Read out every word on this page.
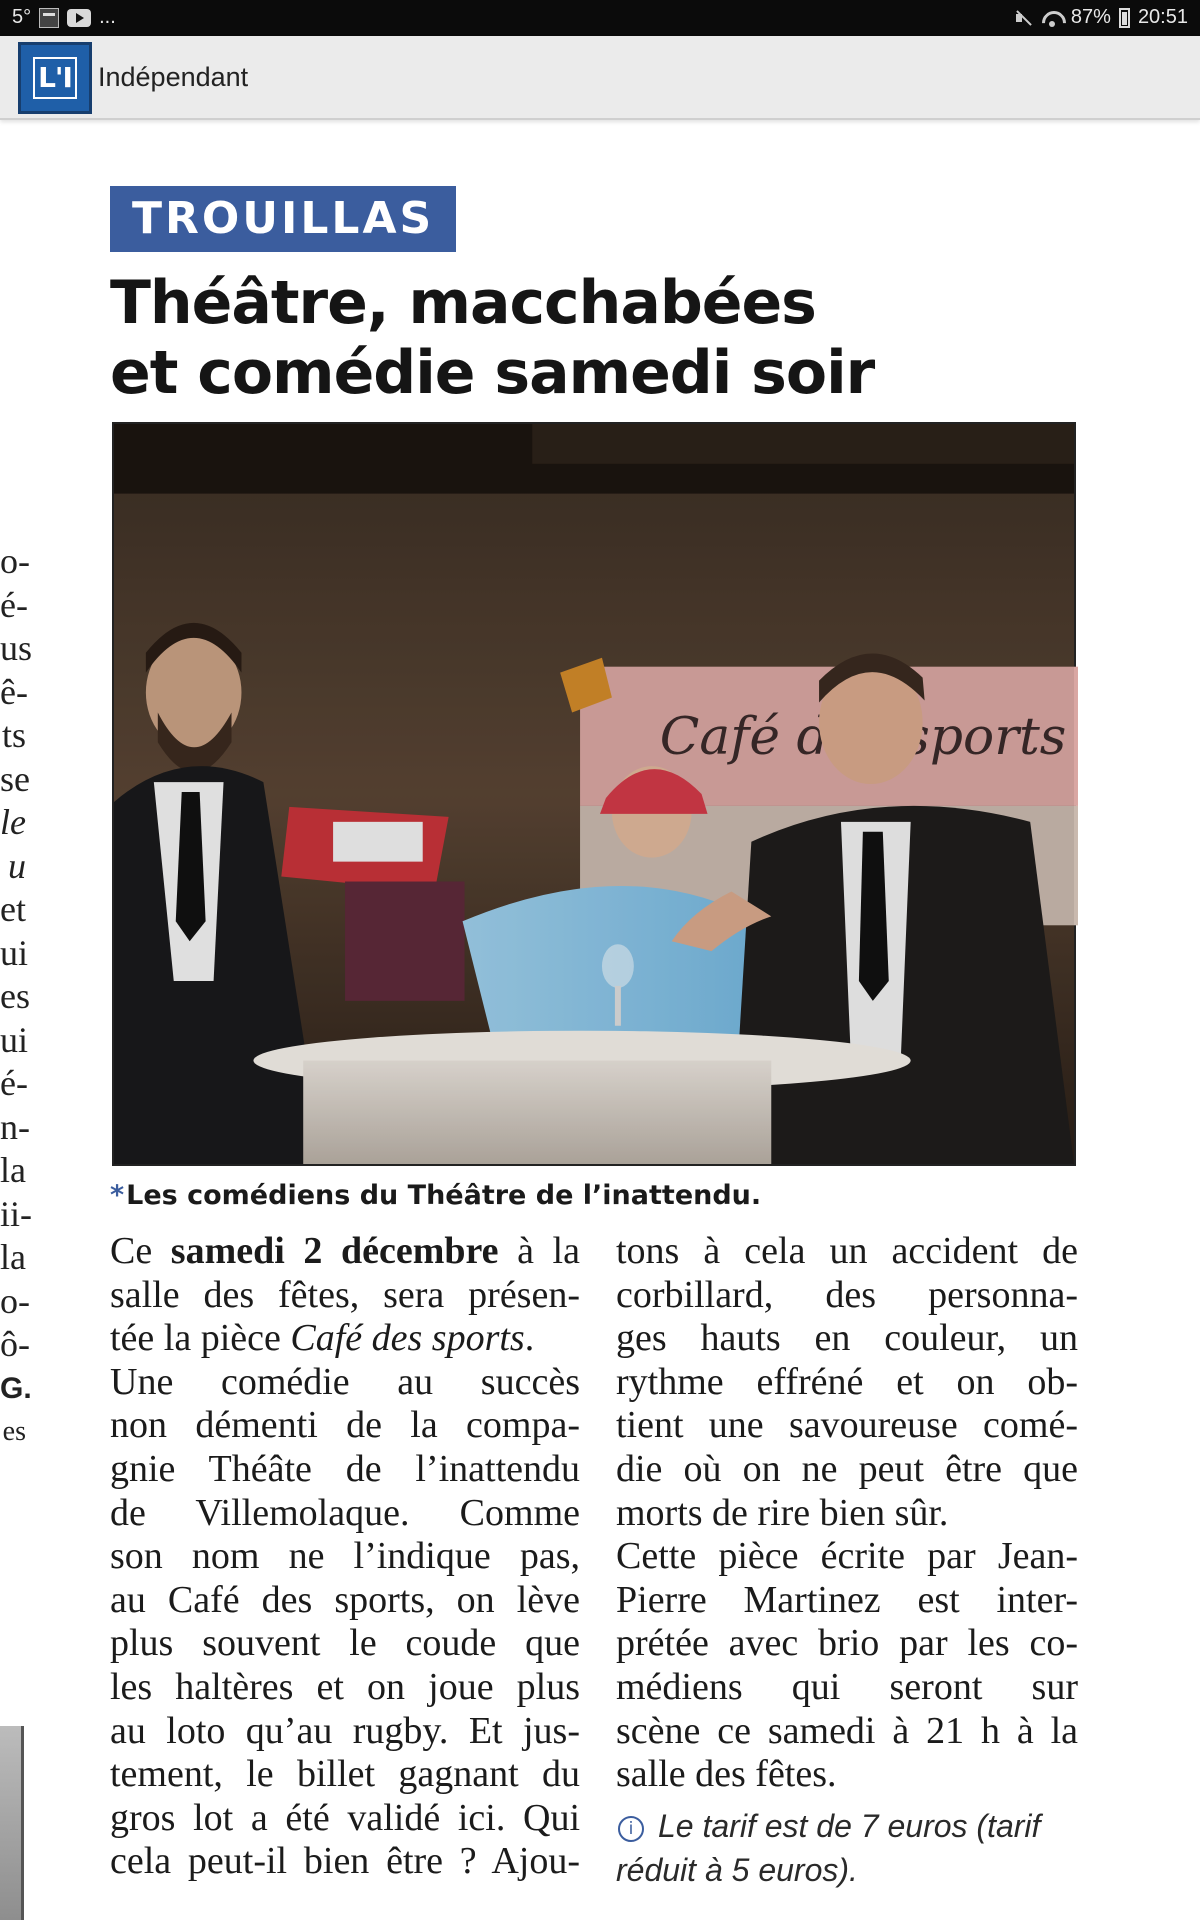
5°	...	87% 20:51
L'I Indépendant
o-
é-
us
ê-
ts
se
le
u
et
ui
es
ui
é-
n-
la
ii-
la
o-
ô-
G.
es
TROUILLAS
Théâtre, macchabées
et comédie samedi soir
*Les comédiens du Théâtre de l’inattendu.
Ce samedi 2 décembre à la
salle des fêtes, sera présen-
tée la pièce Café des sports.
Une comédie au succès
non démenti de la compa-
gnie Théâte de l’inattendu
de Villemolaque. Comme
son nom ne l’indique pas,
au Café des sports, on lève
plus souvent le coude que
les haltères et on joue plus
au loto qu’au rugby. Et jus-
tement, le billet gagnant du
gros lot a été validé ici. Qui
cela peut-il bien être ? Ajou-
tons à cela un accident de
corbillard, des personna-
ges hauts en couleur, un
rythme effréné et on ob-
tient une savoureuse comé-
die où on ne peut être que
morts de rire bien sûr.
Cette pièce écrite par Jean-
Pierre Martinez est inter-
prétée avec brio par les co-
médiens qui seront sur
scène ce samedi à 21 h à la
salle des fêtes.
i Le tarif est de 7 euros (tarif
réduit à 5 euros).
